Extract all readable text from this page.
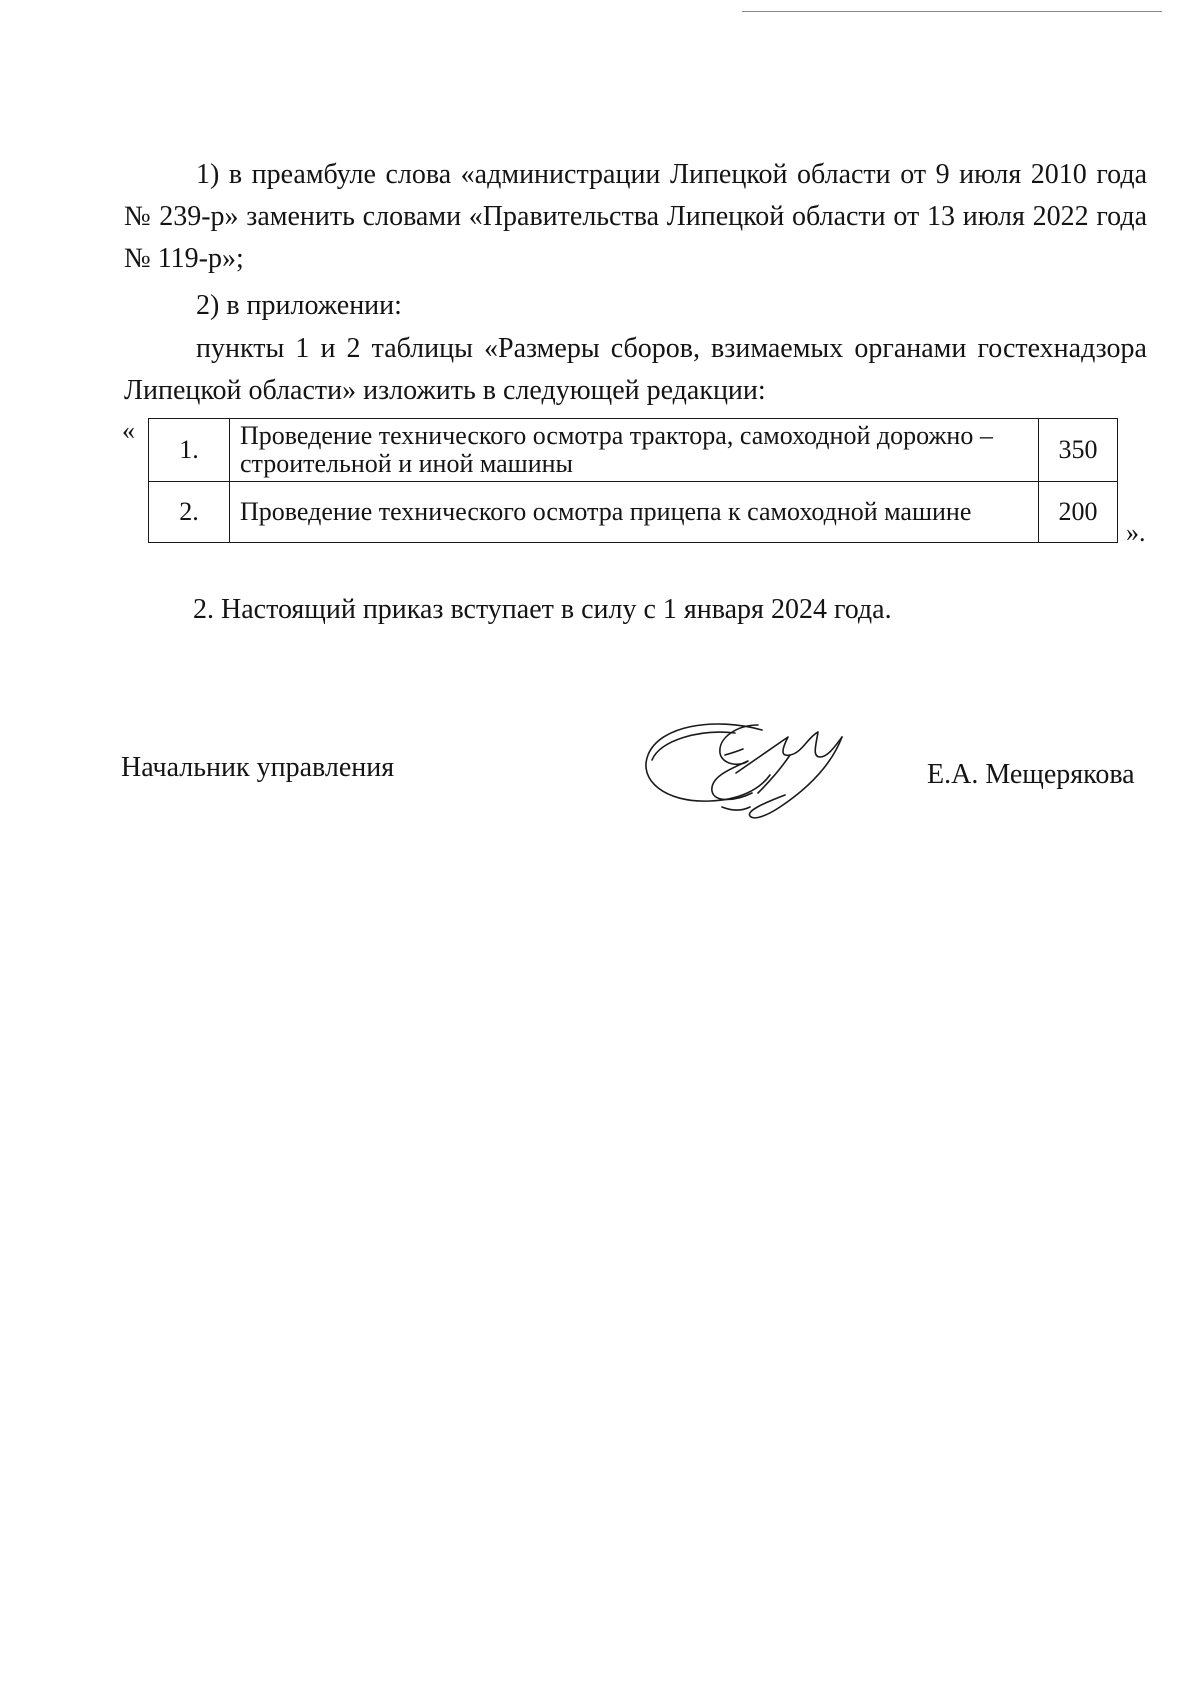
1) в преамбуле слова «администрации Липецкой области от 9 июля 2010 года № 239-р» заменить словами «Правительства Липецкой области от 13 июля 2022 года № 119-р»;

2) в приложении:

пункты 1 и 2 таблицы «Размеры сборов, взимаемых органами гостехнадзора Липецкой области» изложить в следующей редакции:

«
1.	Проведение технического осмотра трактора, самоходной дорожно – строительной и иной машины	350
2.	Проведение технического осмотра прицепа к самоходной машине	200
».

2. Настоящий приказ вступает в силу с 1 января 2024 года.

Начальник управления	Е.А. Мещерякова
